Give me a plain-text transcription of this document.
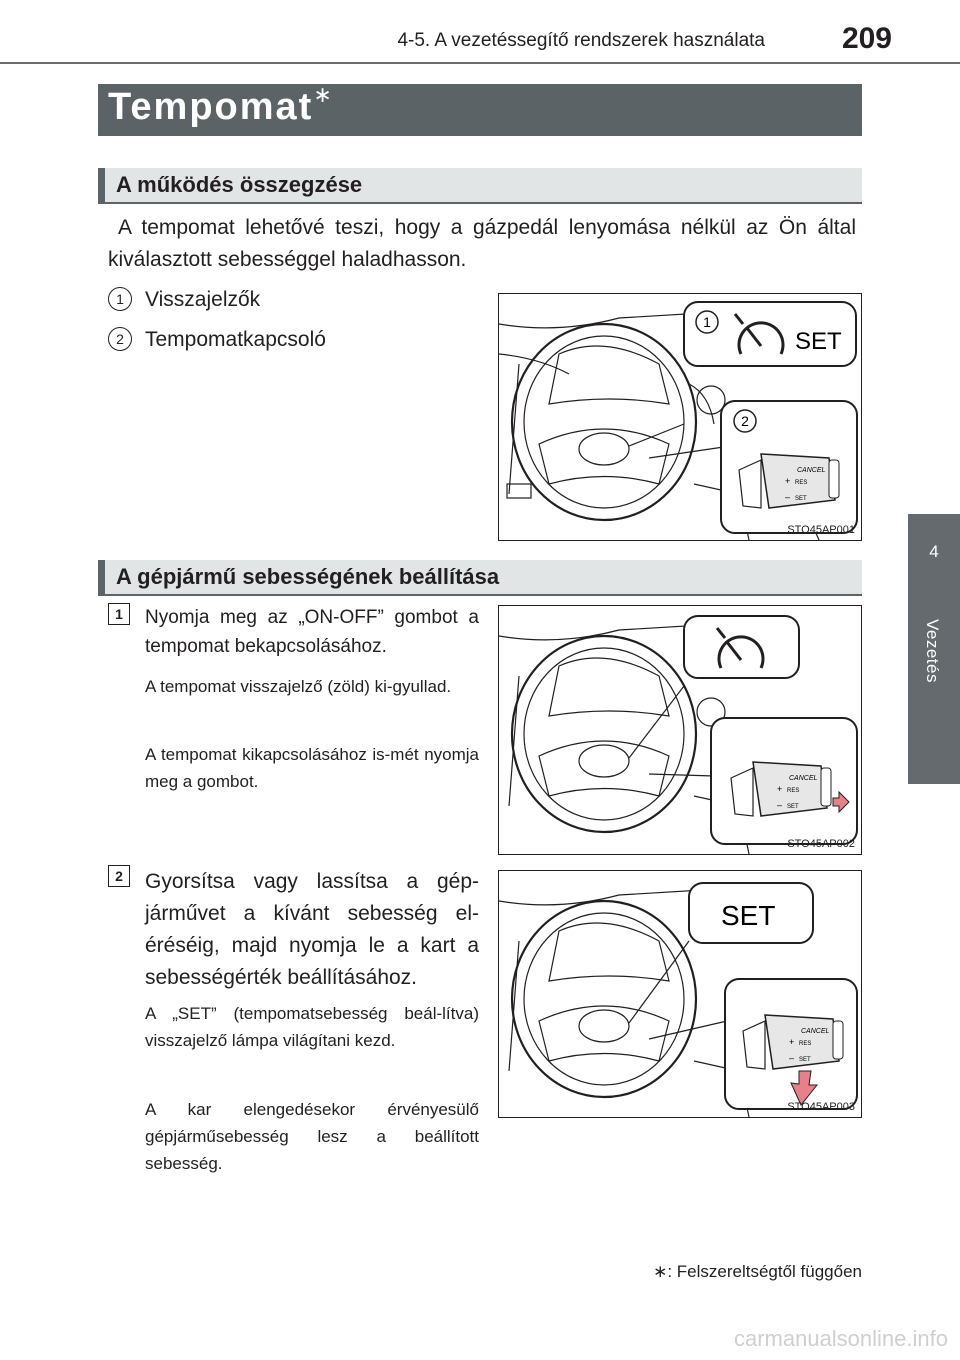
4-5. A vezetéssegítő rendszerek használata	209
4
Vezetés
Tempomat∗
A működés összegzése
A tempomat lehetővé teszi, hogy a gázpedál lenyomása nélkül az Ön által kiválasztott sebességgel haladhasson.
1	Visszajelzők
2	Tempomatkapcsoló
1
SET
2
CANCEL
+ RES
– SET
STO45AP001
A gépjármű sebességének beállítása
1	Nyomja meg az „ON-OFF” gombot a tempomat bekapcsolásához.
A tempomat visszajelző (zöld) ki-gyullad.
A tempomat kikapcsolásához is-mét nyomja meg a gombot.	CANCEL
+ RES
– SET
STO45AP002
2	Gyorsítsa vagy lassítsa a gép-járművet a kívánt sebesség el-éréséig, majd nyomja le a kart a sebességérték beállításához.
A „SET” (tempomatsebesség beál-lítva) visszajelző lámpa világítani kezd.
A kar elengedésekor érvényesülő gépjárműsebesség lesz a beállított sebesség.
SET
CANCEL
+ RES
– SET
STO45AP003
∗: Felszereltségtől függően
carmanualsonline.info
